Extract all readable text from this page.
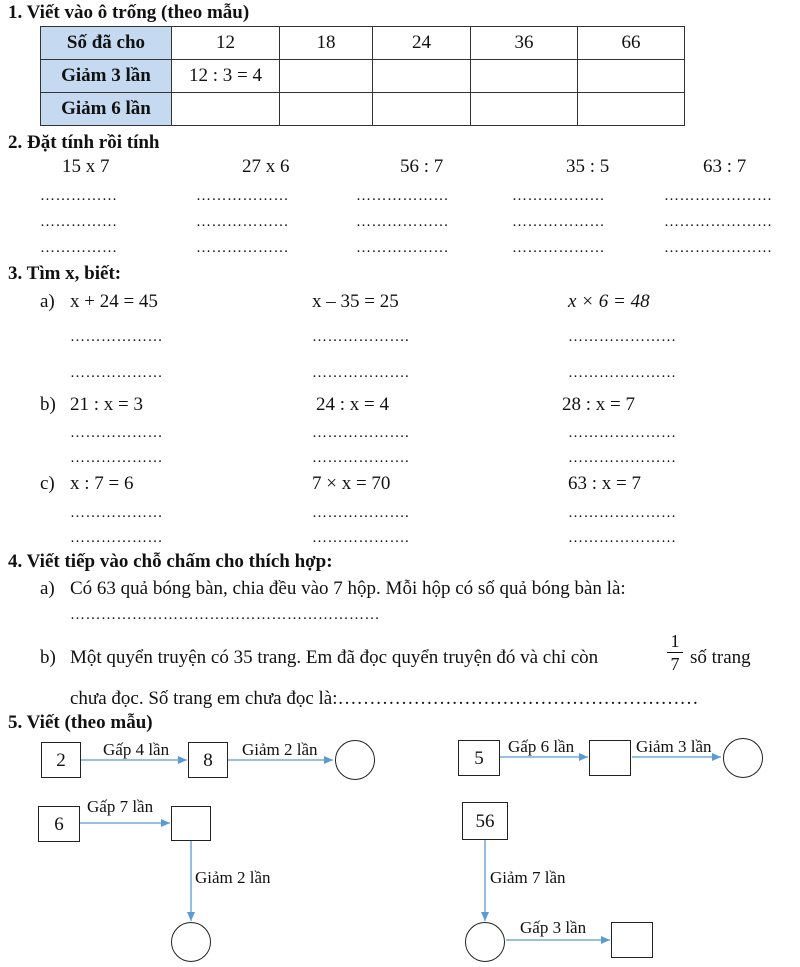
1. Viết vào ô trống (theo mẫu)
Số đã cho	12	18	24	36	66
Giảm 3 lần	12 : 3 = 4				
Giảm 6 lần					
2. Đặt tính rồi tính
15 x 7	27 x 6	56 : 7	35 : 5	63 : 7
……………	………………	………………	………………	…………………
……………	………………	………………	………………	…………………
……………	………………	………………	………………	…………………
3. Tìm x, biết:
a) x + 24 = 45	x – 35 = 25	x × 6 = 48
………………	……………….	…………………
………………	……………….	…………………
b) 21 : x = 3	24 : x = 4	28 : x = 7
………………	……………….	…………………
………………	……………….	…………………
c) x : 7 = 6	7 × x = 70	63 : x = 7
………………	……………….	…………………
………………	……………….	…………………
4. Viết tiếp vào chỗ chấm cho thích hợp:
a) Có 63 quả bóng bàn, chia đều vào 7 hộp. Mỗi hộp có số quả bóng bàn là:
……………………………………………………
b) Một quyển truyện có 35 trang. Em đã đọc quyển truyện đó và chỉ còn
1
7 số trang
chưa đọc. Số trang em chưa đọc là:…………………………………………………
5. Viết (theo mẫu)
2
Gấp 4 lần
8
Giảm 2 lần	5
Gấp 6 lần	Giảm 3 lần
6
Gấp 7 lần
Giảm 2 lần
56
Giảm 7 lần
Gấp 3 lần
